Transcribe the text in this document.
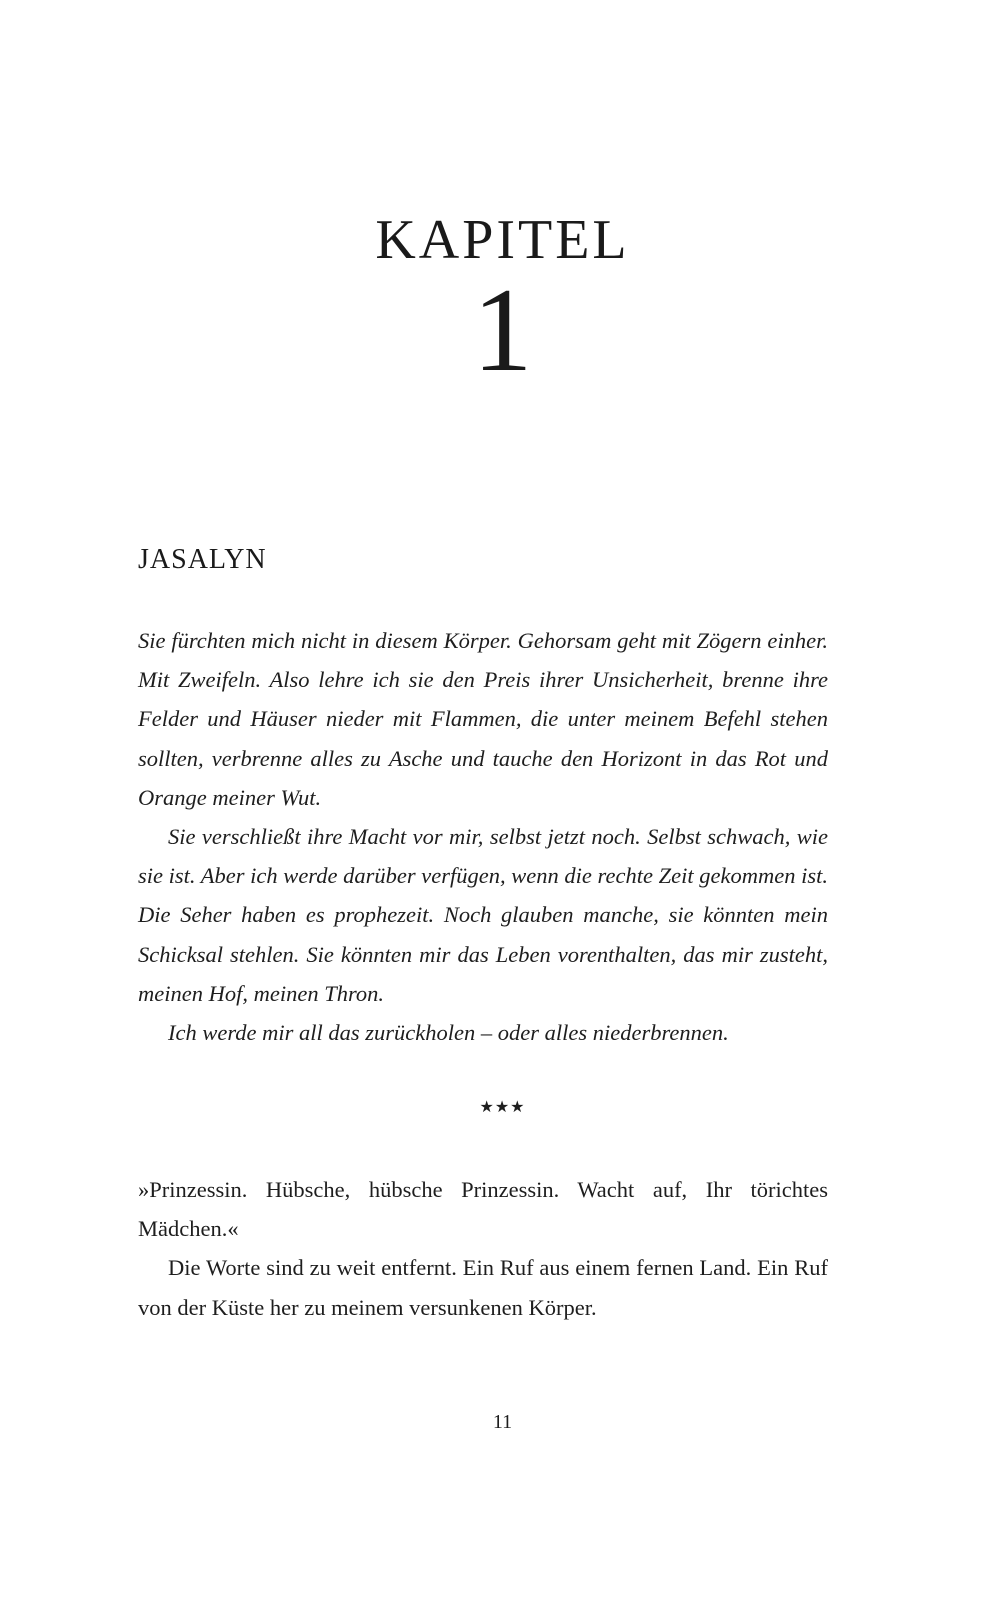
KAPITEL
1
JASALYN

Sie fürchten mich nicht in diesem Körper. Gehorsam geht mit Zögern einher. Mit Zweifeln. Also lehre ich sie den Preis ihrer Unsicherheit, brenne ihre Felder und Häuser nieder mit Flammen, die unter meinem Befehl stehen sollten, verbrenne alles zu Asche und tauche den Horizont in das Rot und Orange meiner Wut.

Sie verschließt ihre Macht vor mir, selbst jetzt noch. Selbst schwach, wie sie ist. Aber ich werde darüber verfügen, wenn die rechte Zeit gekommen ist. Die Seher haben es prophezeit. Noch glauben manche, sie könnten mein Schicksal stehlen. Sie könnten mir das Leben vorenthalten, das mir zusteht, meinen Hof, meinen Thron.

Ich werde mir all das zurückholen – oder alles niederbrennen.

★★★

»Prinzessin. Hübsche, hübsche Prinzessin. Wacht auf, Ihr törichtes Mädchen.«

Die Worte sind zu weit entfernt. Ein Ruf aus einem fernen Land. Ein Ruf von der Küste her zu meinem versunkenen Körper.

11
